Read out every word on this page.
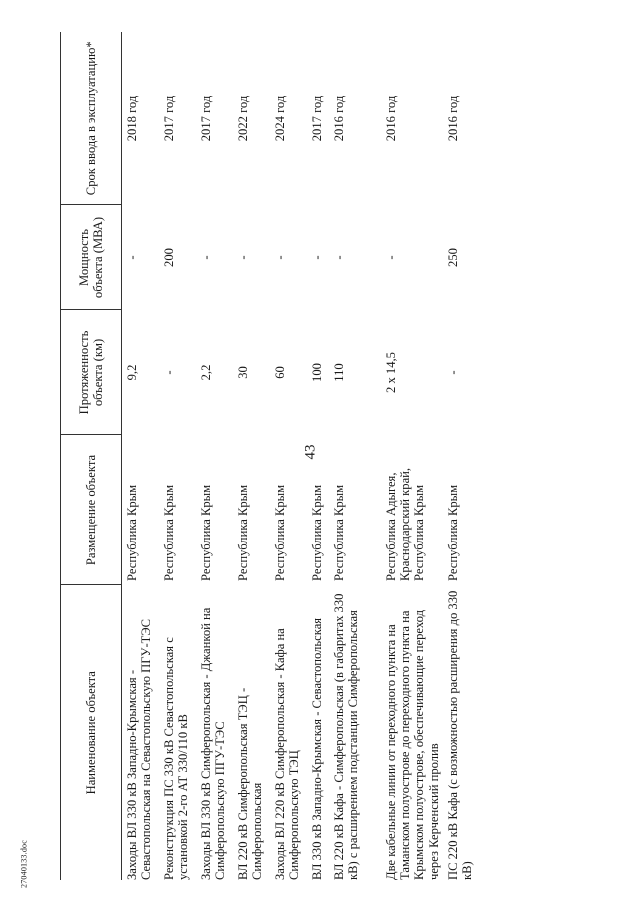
43
Наименование объекта	Размещение объекта	Протяженность объекта (км)	Мощность объекта (МВА)	Срок ввода в эксплуатацию*
Заходы ВЛ 330 кВ Западно-Крымская - Севастопольская на Севастопольскую ПГУ-ТЭС	Республика Крым	9,2	-	2018 год
Реконструкция ПС 330 кВ Севастопольская с установкой 2-го АТ 330/110 кВ	Республика Крым	-	200	2017 год
Заходы ВЛ 330 кВ Симферопольская - Джанкой на Симферопольскую ПГУ-ТЭС	Республика Крым	2,2	-	2017 год
ВЛ 220 кВ Симферопольская ТЭЦ - Симферопольская	Республика Крым	30	-	2022 год
Заходы ВЛ 220 кВ Симферопольская - Кафа на Симферопольскую ТЭЦ	Республика Крым	60	-	2024 год
ВЛ 330 кВ Западно-Крымская - Севастопольская	Республика Крым	100	-	2017 год
ВЛ 220 кВ Кафа - Симферопольская (в габаритах 330 кВ) с расширением подстанции Симферопольская	Республика Крым	110	-	2016 год
Две кабельные линии от переходного пункта на Таманском полуострове до переходного пункта на Крымском полуострове, обеспечивающие переход через Керченский пролив	Республика Адыгея, Краснодарский край, Республика Крым	2 x 14,5	-	2016 год
ПС 220 кВ Кафа (с возможностью расширения до 330 кВ)	Республика Крым	-	250	2016 год
27040133.doc
